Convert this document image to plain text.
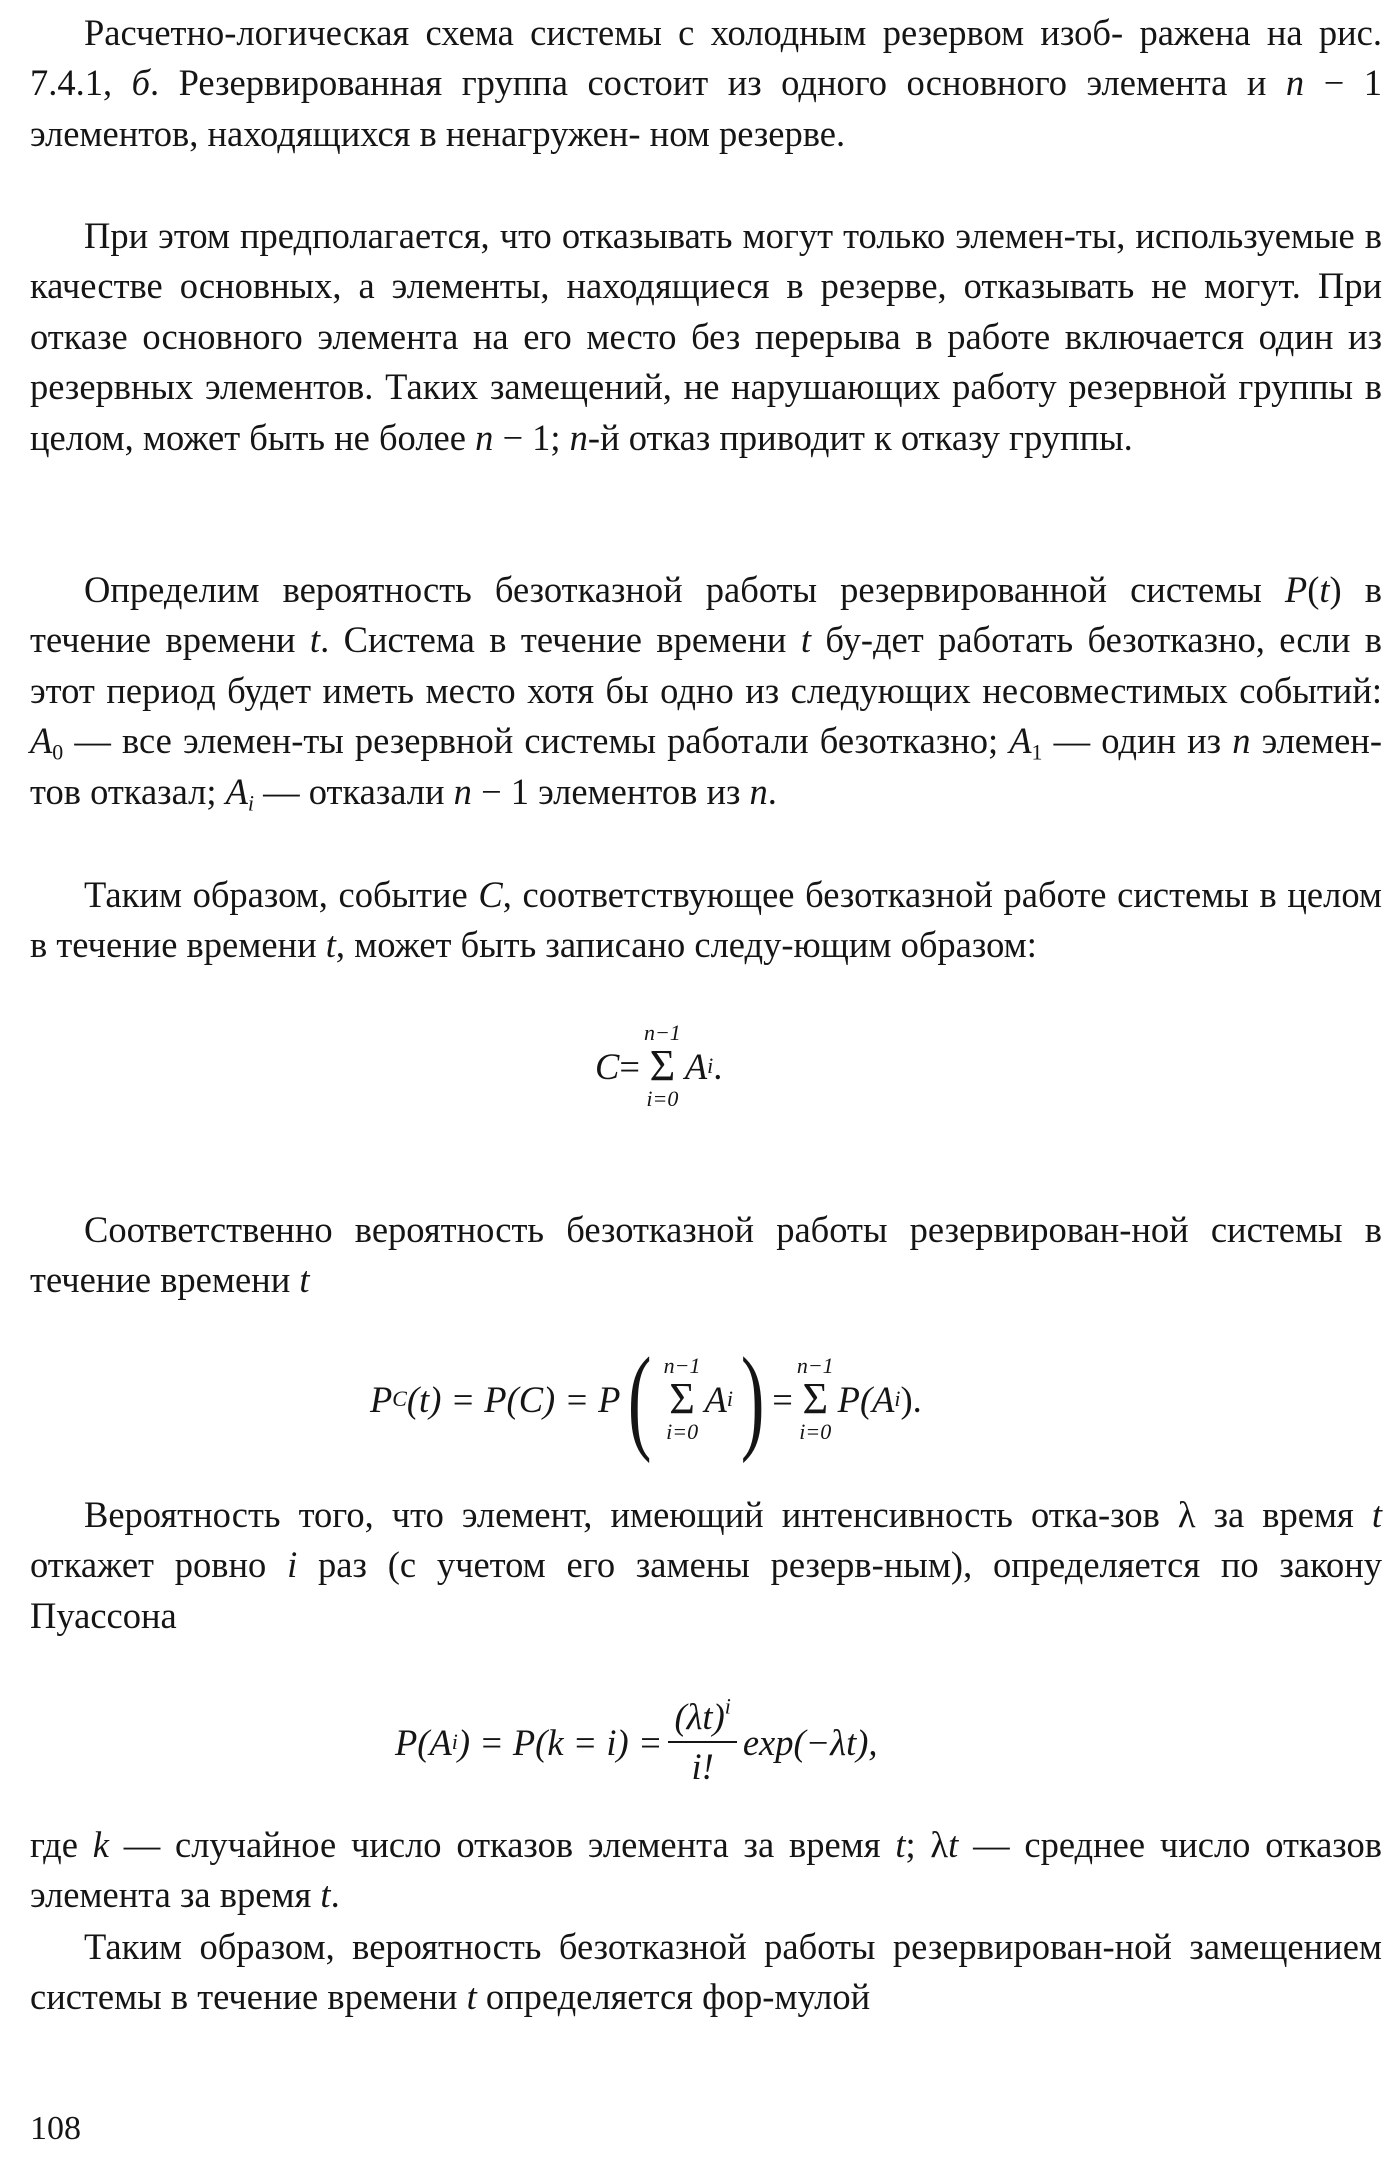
Расчетно-логическая схема системы с холодным резервом изоб- ражена на рис. 7.4.1, б. Резервированная группа состоит из одного основного элемента и n − 1 элементов, находящихся в ненагружен- ном резерве.

При этом предполагается, что отказывать могут только элемен-ты, используемые в качестве основных, а элементы, находящиеся в резерве, отказывать не могут. При отказе основного элемента на его место без перерыва в работе включается один из резервных элементов. Таких замещений, не нарушающих работу резервной группы в целом, может быть не более n − 1; n-й отказ приводит к отказу группы.

Определим вероятность безотказной работы резервированной системы P(t) в течение времени t. Система в течение времени t бу-дет работать безотказно, если в этот период будет иметь место хотя бы одно из следующих несовместимых событий: $A_0$ — все элемен-ты резервной системы работали безотказно; $A_1$ — один из n элемен-тов отказал; $A_i$ — отказали n − 1 элементов из n.

Таким образом, событие C, соответствующее безотказной работе системы в целом в течение времени t, может быть записано следу-ющим образом:

C =
n−1
Σ
i=0
A i .

Соответственно вероятность безотказной работы резервирован-ной системы в течение времени t

P C (t) = P(C) = P ( n−1
Σ
i=0
A i ) =
n−1
Σ
i=0
P(A i ).

Вероятность того, что элемент, имеющий интенсивность отка-зов λ за время t откажет ровно i раз (с учетом его замены резерв-ным), определяется по закону Пуассона

P(A i ) = $P(k = i) = \frac{(\lambda t)^i}{i!} \exp(-\lambda t)$,

где k — случайное число отказов элемента за время t; λt — среднее число отказов элемента за время t.

Таким образом, вероятность безотказной работы резервирован-ной замещением системы в течение времени t определяется фор-мулой

108
